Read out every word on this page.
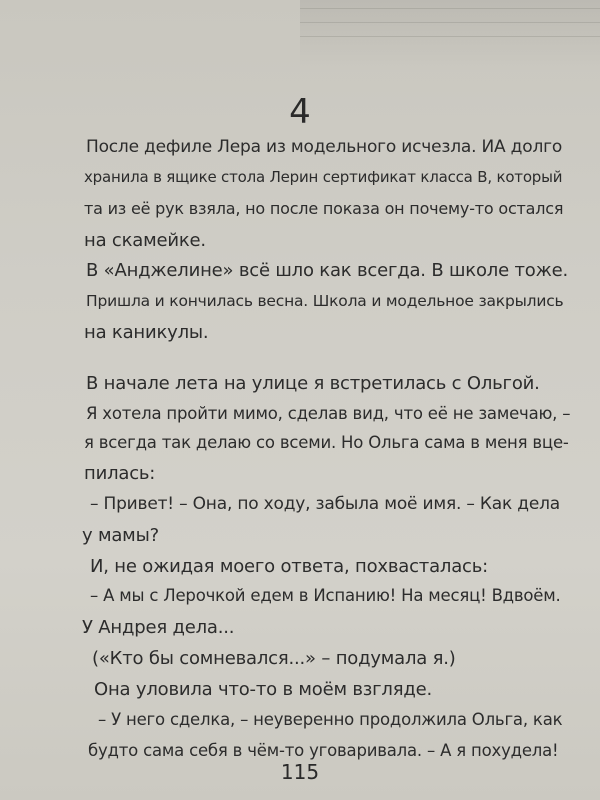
4
После дефиле Лера из модельного исчезла. ИА долго
хранила в ящике стола Лерин сертификат класса В, который
та из её рук взяла, но после показа он почему-то остался
на скамейке.
В «Анджелине» всё шло как всегда. В школе тоже.
Пришла и кончилась весна. Школа и модельное закрылись
на каникулы.
В начале лета на улице я встретилась с Ольгой.
Я хотела пройти мимо, сделав вид, что её не замечаю, –
я всегда так делаю со всеми. Но Ольга сама в меня вце-
пилась:
– Привет! – Она, по ходу, забыла моё имя. – Как дела
у мамы?
И, не ожидая моего ответа, похвасталась:
– А мы с Лерочкой едем в Испанию! На месяц! Вдвоём.
У Андрея дела...
(«Кто бы сомневался...» – подумала я.)
Она уловила что-то в моём взгляде.
– У него сделка, – неуверенно продолжила Ольга, как
будто сама себя в чём-то уговаривала. – А я похудела!
115
